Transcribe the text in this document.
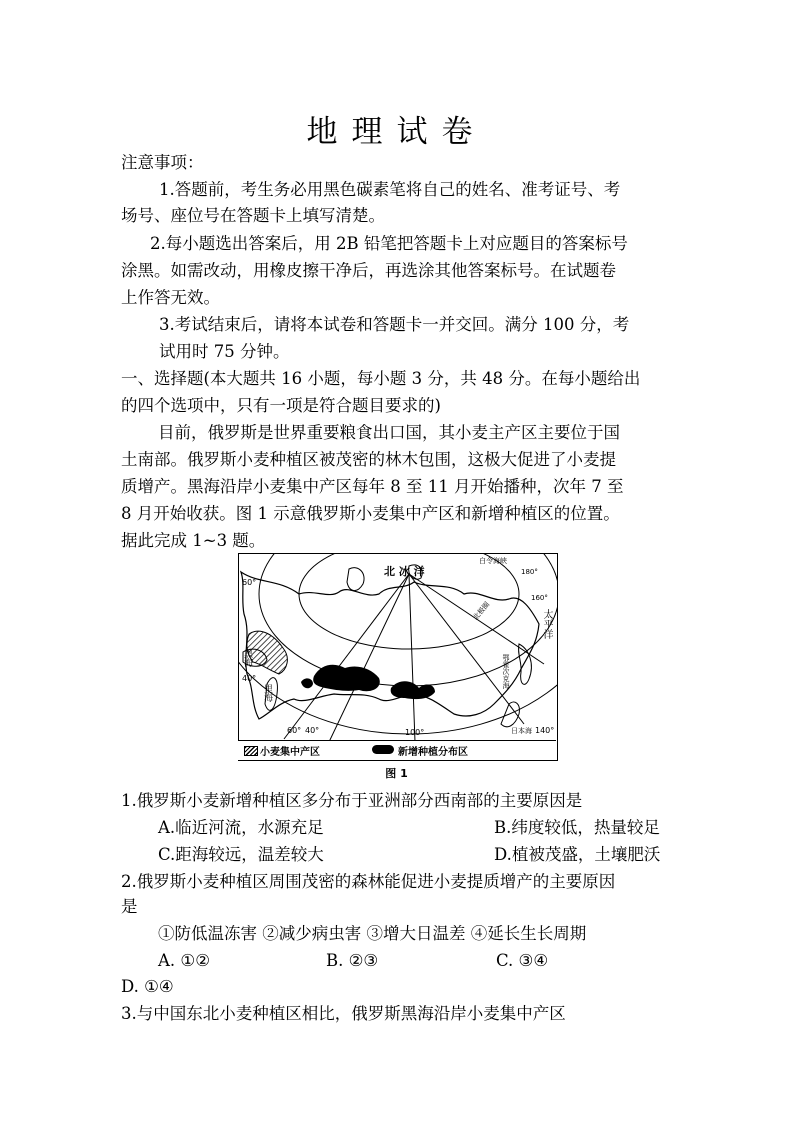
地理试卷
注意事项：
1.答题前，考生务必用黑色碳素笔将自己的姓名、准考证号、考
场号、座位号在答题卡上填写清楚。
2.每小题选出答案后，用 2B 铅笔把答题卡上对应题目的答案标号
涂黑。如需改动，用橡皮擦干净后，再选涂其他答案标号。在试题卷
上作答无效。
3.考试结束后，请将本试卷和答题卡一并交回。满分 100 分，考
试用时 75 分钟。
一、选择题(本大题共 16 小题，每小题 3 分，共 48 分。在每小题给出
的四个选项中，只有一项是符合题目要求的)
目前，俄罗斯是世界重要粮食出口国，其小麦主产区主要位于国
土南部。俄罗斯小麦种植区被茂密的林木包围，这极大促进了小麦提
质增产。黑海沿岸小麦集中产区每年 8 至 11 月开始播种，次年 7 至
8 月开始收获。图 1 示意俄罗斯小麦集中产区和新增种植区的位置。
据此完成 1~3 题。
北 冰 洋
黑海
里海
太平洋
白令海峡
鄂霍次克海
日本海
北极圈
60°
40°
60° 40°	100°	140°
160°
180°
小麦集中产区	新增种植分布区
图 1
1.俄罗斯小麦新增种植区多分布于亚洲部分西南部的主要原因是
A.临近河流，水源充足	B.纬度较低，热量较足
C.距海较远，温差较大	D.植被茂盛，土壤肥沃
2.俄罗斯小麦种植区周围茂密的森林能促进小麦提质增产的主要原因
是
①防低温冻害 ②减少病虫害 ③增大日温差 ④延长生长周期
A. ①②	B. ②③	C. ③④
D. ①④
3.与中国东北小麦种植区相比，俄罗斯黑海沿岸小麦集中产区
